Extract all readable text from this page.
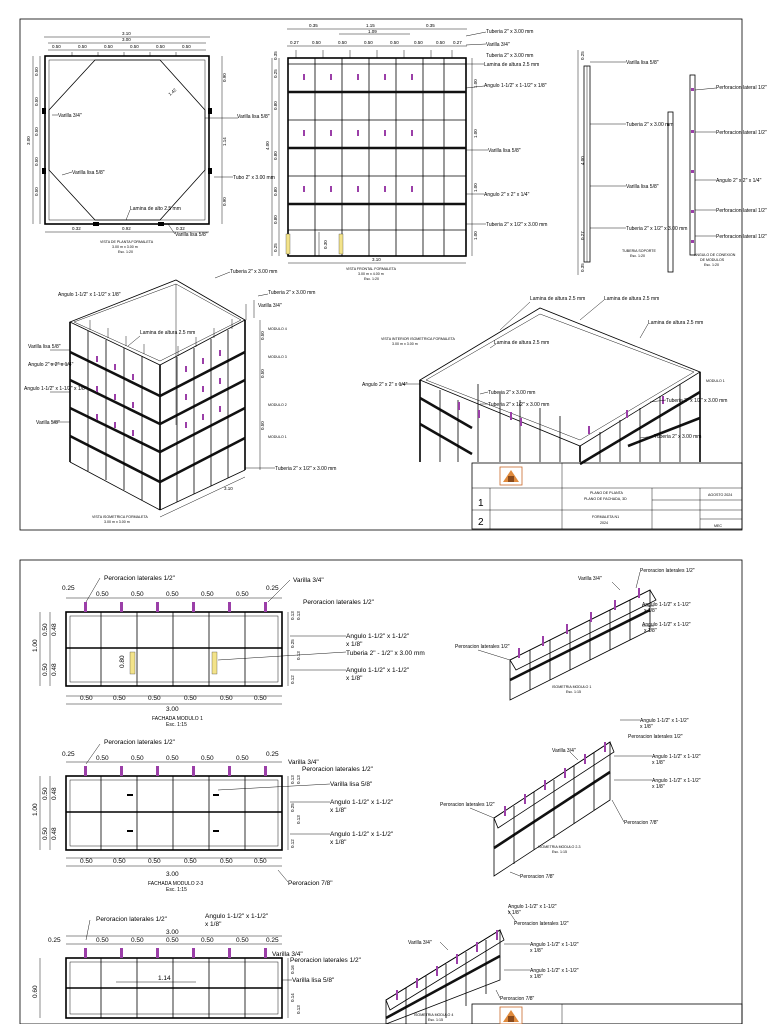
3.10
3.00
0.50	0.50	0.50	0.50	0.50	0.50
3.00
0.50
0.50
0.50
0.50
0.50
0.90
1.14
0.90
0.32	0.92	0.32
1.42
Varilla 3/4"	Varilla lisa 5/8"
Varilla lisa 5/8"
Tubo 2" x 3.00 mm
Lamina de alto 2.5 mm
Varilla lisa 5/8"
VISTA DE PLANTA FORMALETA
3.00 m x 3.00 m
Esc. 1:20
0.35	1.15	0.35
1.09
0.27	0.50	0.50	0.50	0.50	0.50	0.50 0.27
0.30
4.00
0.35
0.25
0.80
0.80
0.80
0.80
0.25
1.00
1.00
1.00
1.00
3.10
Tuberia 2" x 3.00 mm
Varilla 3/4"
Tuberia 2" x 3.00 mm
Lamina de altura 2.5 mm
Angulo 1-1/2" x 1-1/2" x 1/8"
Varilla lisa 5/8"
Angulo 2" x 2" x 1/4"
Tuberia 2" x 1/2" x 3.00 mm
VISTA FRONTAL FORMALETA
3.00 m x 4.00 m
Esc. 1:20
0.25
4.00
0.27
0.35
Varilla lisa 5/8"
Tuberia 2" x 3.00 mm
Varilla lisa 5/8"
Tuberia 2" x 1/2" x 3.00 mm
TUBERIA SOPORTE
Esc. 1:20
Perforacion lateral 1/2"
Perforacion lateral 1/2"
Angulo 2" x 2" x 1/4"
Perforacion lateral 1/2"
Perforacion lateral 1/2"
ANGULO DE CONEXION
DE MODULOS
Esc. 1:20
Tuberia 2" x 3.00 mm
Tuberia 2" x 3.00 mm
Angulo 1-1/2" x 1-1/2" x 1/8"
Varilla 3/4"
Lamina de altura 2.5 mm
Varilla lisa 5/8"
Angulo 2" x 2" x 1/4"
Angulo 1-1/2" x 1-1/2" x 1/8"
Varilla 5/8"
Tuberia 2" x 1/2" x 3.00 mm
MODULO 4
MODULO 3
MODULO 2
MODULO 1
0.50
0.50
0.50
3.10
VISTA ISOMETRICA FORMALETA
3.00 m x 3.00 m
VISTA INTERIOR ISOMETRICA FORMALETA
3.00 m x 3.00 m
Lamina de altura 2.5 mm	Lamina de altura 2.5 mm
Lamina de altura 2.5 mm
Lamina de altura 2.5 mm
Angulo 2" x 2" x 1/4"
Tuberia 2" x 3.00 mm
Tuberia 2" x 1/2" x 3.00 mm
Tuberia 2" x 1/2" x 3.00 mm
Tuberia 2" x 3.00 mm
MODULO 1
1
2
PLANO DE PLANTA
PLANO DE FACHADA, 3D
FORMALETA N1
2024
AGOSTO 2024
MEC
0.25
0.50	0.50	0.50	0.50	0.50
0.25
0.80
1.00
0.50 0.48
0.50 0.48
0.13 0.13
0.25
0.13
0.12
0.50	0.50	0.50	0.50	0.50	0.50
3.00
FACHADA MODULO 1
Esc. 1:15
Peroracion laterales 1/2"	Varilla 3/4"
Peroracion laterales 1/2"
Angulo 1-1/2" x 1-1/2"
x 1/8"
Tuberia 2" - 1/2" x 3.00 mm
Angulo 1-1/2" x 1-1/2"
x 1/8"
Peroracion laterales 1/2"
0.25
0.50	0.50	0.50	0.50	0.50
0.25
1.00
0.50 0.48
0.50 0.48
0.13 0.13
0.25
0.13
0.12
0.50	0.50	0.50	0.50	0.50	0.50
3.00
FACHADA MODULO 2-3
Esc. 1:15
Varilla 3/4"
Peroracion laterales 1/2"
Varilla lisa 5/8"
Angulo 1-1/2" x 1-1/2"
x 1/8"
Angulo 1-1/2" x 1-1/2"
x 1/8"
Peroracion 7/8"
Peroracion laterales 1/2"	Angulo 1-1/2" x 1-1/2"
x 1/8"
3.00
0.25	0.50	0.50	0.50	0.50	0.50	0.25
1.14
0.60
0.16
0.14
0.13
Varilla 3/4"
Peroracion laterales 1/2"
Varilla lisa 5/8"
Varilla 3/4"
Peroracion laterales 1/2"
Angulo 1-1/2" x 1-1/2"
x 1/8"
Angulo 1-1/2" x 1-1/2"
x 1/8"
Peroracion laterales 1/2"
ISOMETRIA MODULO 1
Esc. 1:15
Varilla 3/4"
Angulo 1-1/2" x 1-1/2"
x 1/8"
Peroracion laterales 1/2"
Angulo 1-1/2" x 1-1/2"
x 1/8"
Angulo 1-1/2" x 1-1/2"
x 1/8"
Peroracion 7/8"
Peroracion laterales 1/2"
ISOMETRIA MODULO 2-3
Esc. 1:15
Peroracion 7/8"
Varilla 3/4"
Angulo 1-1/2" x 1-1/2"
x 1/8"
Peroracion laterales 1/2"
Angulo 1-1/2" x 1-1/2"
x 1/8"
Angulo 1-1/2" x 1-1/2"
x 1/8"
Peroracion 7/8"
ISOMETRIA MODULO 4
Esc. 1:15
